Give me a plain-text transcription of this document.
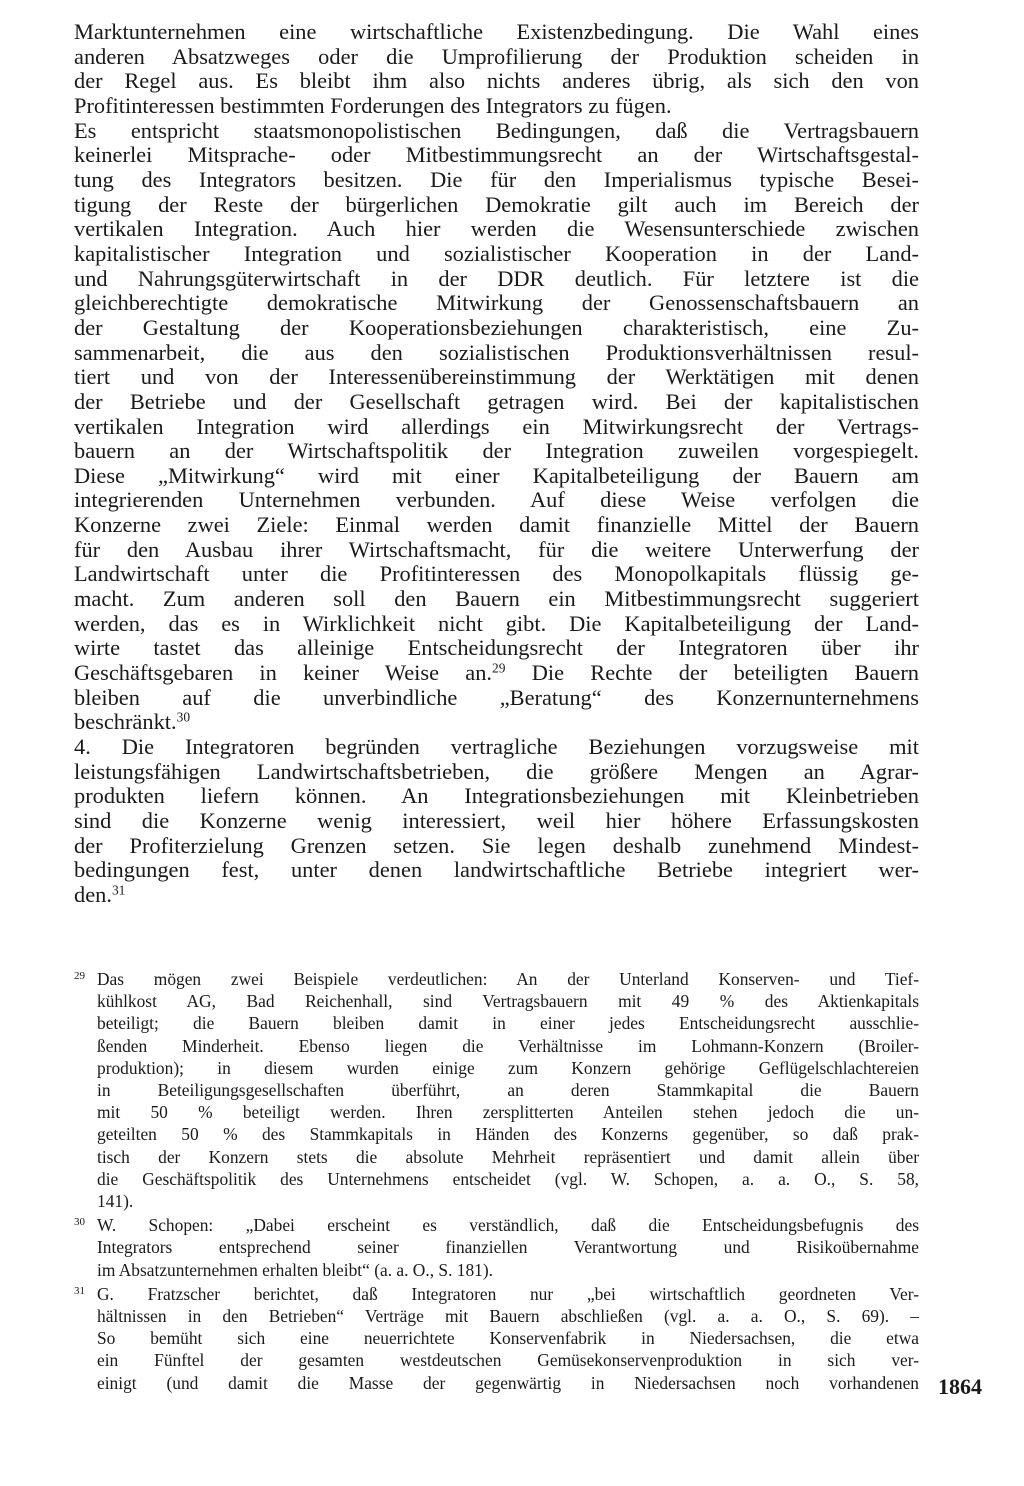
Marktunternehmen eine wirtschaftliche Existenzbedingung. Die Wahl eines
anderen Absatzweges oder die Umprofilierung der Produktion scheiden in
der Regel aus. Es bleibt ihm also nichts anderes übrig, als sich den von
Profitinteressen bestimmten Forderungen des Integrators zu fügen.

Es entspricht staatsmonopolistischen Bedingungen, daß die Vertragsbauern
keinerlei Mitsprache- oder Mitbestimmungsrecht an der Wirtschaftsgestal-
tung des Integrators besitzen. Die für den Imperialismus typische Besei-
tigung der Reste der bürgerlichen Demokratie gilt auch im Bereich der
vertikalen Integration. Auch hier werden die Wesensunterschiede zwischen
kapitalistischer Integration und sozialistischer Kooperation in der Land-
und Nahrungsgüterwirtschaft in der DDR deutlich. Für letztere ist die
gleichberechtigte demokratische Mitwirkung der Genossenschaftsbauern an
der Gestaltung der Kooperationsbeziehungen charakteristisch, eine Zu-
sammenarbeit, die aus den sozialistischen Produktionsverhältnissen resul-
tiert und von der Interessenübereinstimmung der Werktätigen mit denen
der Betriebe und der Gesellschaft getragen wird. Bei der kapitalistischen
vertikalen Integration wird allerdings ein Mitwirkungsrecht der Vertrags-
bauern an der Wirtschaftspolitik der Integration zuweilen vorgespiegelt.
Diese „Mitwirkung“ wird mit einer Kapitalbeteiligung der Bauern am
integrierenden Unternehmen verbunden. Auf diese Weise verfolgen die
Konzerne zwei Ziele: Einmal werden damit finanzielle Mittel der Bauern
für den Ausbau ihrer Wirtschaftsmacht, für die weitere Unterwerfung der
Landwirtschaft unter die Profitinteressen des Monopolkapitals flüssig ge-
macht. Zum anderen soll den Bauern ein Mitbestimmungsrecht suggeriert
werden, das es in Wirklichkeit nicht gibt. Die Kapitalbeteiligung der Land-
wirte tastet das alleinige Entscheidungsrecht der Integratoren über ihr
Geschäftsgebaren in keiner Weise an.$^{29}$ Die Rechte der beteiligten Bauern
bleiben auf die unverbindliche „Beratung“ des Konzernunternehmens
beschränkt.$^{30}$

4. Die Integratoren begründen vertragliche Beziehungen vorzugsweise mit
leistungsfähigen Landwirtschaftsbetrieben, die größere Mengen an Agrar-
produkten liefern können. An Integrationsbeziehungen mit Kleinbetrieben
sind die Konzerne wenig interessiert, weil hier höhere Erfassungskosten
der Profiterzielung Grenzen setzen. Sie legen deshalb zunehmend Mindest-
bedingungen fest, unter denen landwirtschaftliche Betriebe integriert wer-
den.$^{31}$

29 Das mögen zwei Beispiele verdeutlichen: An der Unterland Konserven- und Tief-
kühlkost AG, Bad Reichenhall, sind Vertragsbauern mit 49 % des Aktienkapitals
beteiligt; die Bauern bleiben damit in einer jedes Entscheidungsrecht ausschlie-
ßenden Minderheit. Ebenso liegen die Verhältnisse im Lohmann-Konzern (Broiler-
produktion); in diesem wurden einige zum Konzern gehörige Geflügelschlachtereien
in Beteiligungsgesellschaften überführt, an deren Stammkapital die Bauern
mit 50 % beteiligt werden. Ihren zersplitterten Anteilen stehen jedoch die un-
geteilten 50 % des Stammkapitals in Händen des Konzerns gegenüber, so daß prak-
tisch der Konzern stets die absolute Mehrheit repräsentiert und damit allein über
die Geschäftspolitik des Unternehmens entscheidet (vgl. W. Schopen, a. a. O., S. 58,
141).
30 W. Schopen: „Dabei erscheint es verständlich, daß die Entscheidungsbefugnis des
Integrators entsprechend seiner finanziellen Verantwortung und Risikoübernahme
im Absatzunternehmen erhalten bleibt“ (a. a. O., S. 181).
31 G. Fratzscher berichtet, daß Integratoren nur „bei wirtschaftlich geordneten Ver-
hältnissen in den Betrieben“ Verträge mit Bauern abschließen (vgl. a. a. O., S. 69). –
So bemüht sich eine neuerrichtete Konservenfabrik in Niedersachsen, die etwa
ein Fünftel der gesamten westdeutschen Gemüsekonservenproduktion in sich ver-
einigt (und damit die Masse der gegenwärtig in Niedersachsen noch vorhandenen 1864
